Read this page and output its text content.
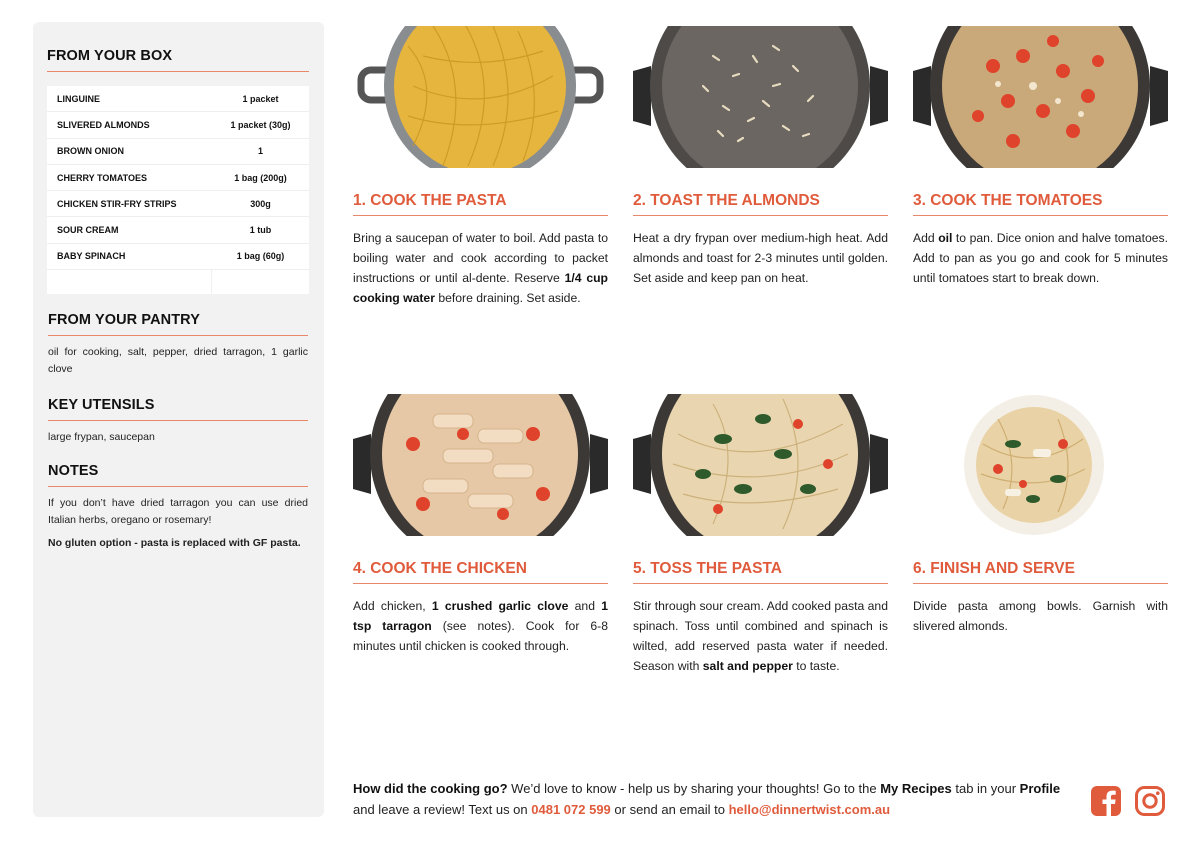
FROM YOUR BOX
LINGUINE	1 packet
SLIVERED ALMONDS	1 packet (30g)
BROWN ONION	1
CHERRY TOMATOES	1 bag (200g)
CHICKEN STIR-FRY STRIPS	300g
SOUR CREAM	1 tub
BABY SPINACH	1 bag (60g)
FROM YOUR PANTRY
oil for cooking, salt, pepper, dried tarragon, 1 garlic clove
KEY UTENSILS
large frypan, saucepan
NOTES
If you don’t have dried tarragon you can use dried Italian herbs, oregano or rosemary!
No gluten option - pasta is replaced with GF pasta.
1. COOK THE PASTA
Bring a saucepan of water to boil. Add pasta to boiling water and cook according to packet instructions or until al-dente. Reserve 1/4 cup cooking water before draining. Set aside.
2. TOAST THE ALMONDS
Heat a dry frypan over medium-high heat. Add almonds and toast for 2-3 minutes until golden. Set aside and keep pan on heat.
3. COOK THE TOMATOES
Add oil to pan. Dice onion and halve tomatoes. Add to pan as you go and cook for 5 minutes until tomatoes start to break down.
4. COOK THE CHICKEN
Add chicken, 1 crushed garlic clove and 1 tsp tarragon (see notes). Cook for 6-8 minutes until chicken is cooked through.
5. TOSS THE PASTA
Stir through sour cream. Add cooked pasta and spinach. Toss until combined and spinach is wilted, add reserved pasta water if needed. Season with salt and pepper to taste.
6. FINISH AND SERVE
Divide pasta among bowls. Garnish with slivered almonds.
How did the cooking go? We’d love to know - help us by sharing your thoughts! Go to the My Recipes tab in your Profile and leave a review! Text us on 0481 072 599 or send an email to hello@dinnertwist.com.au
